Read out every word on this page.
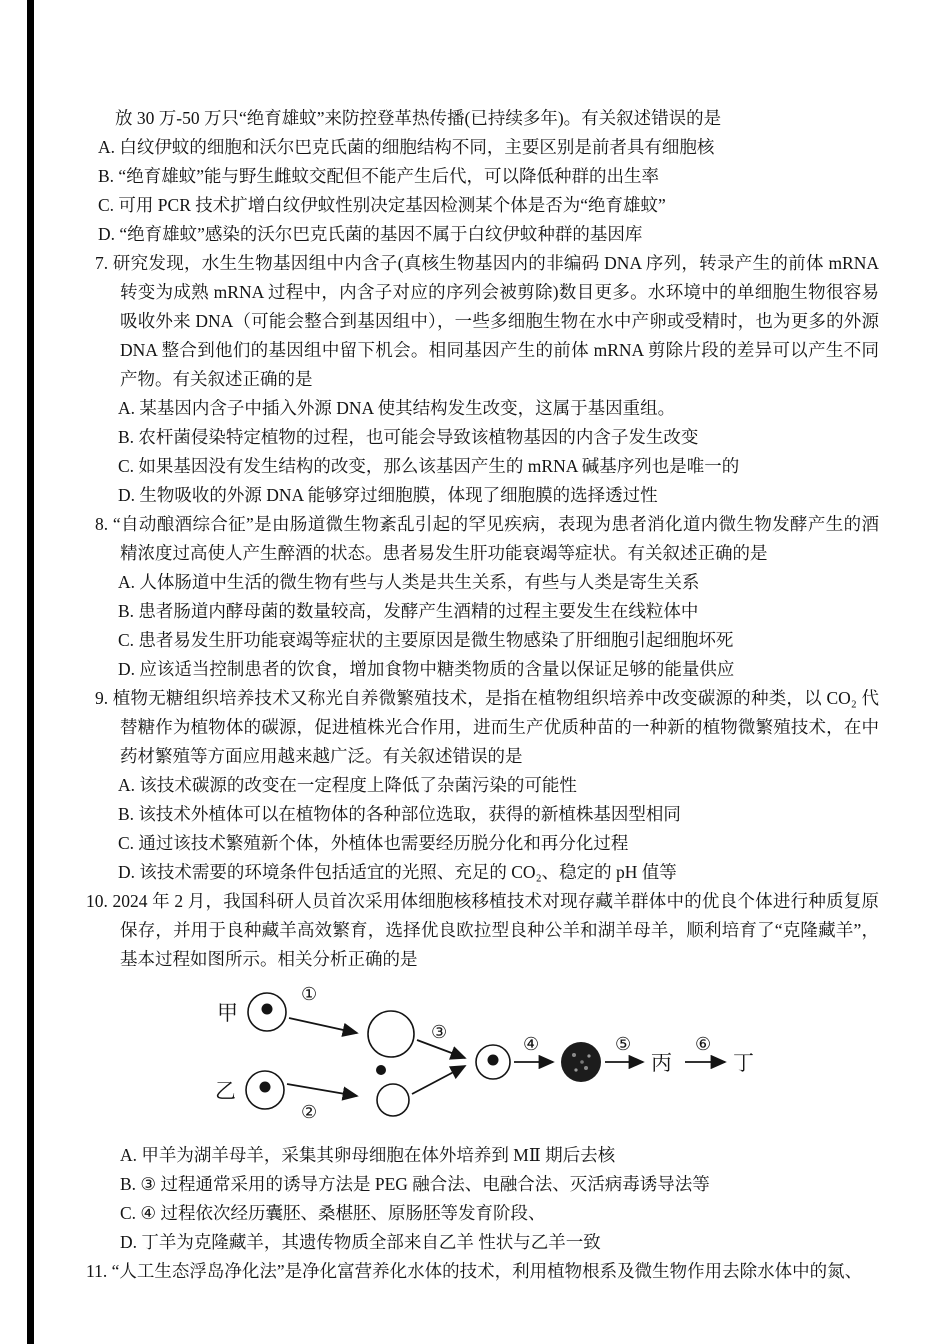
放 30 万-50 万只“绝育雄蚊”来防控登革热传播(已持续多年)。有关叙述错误的是

A. 白纹伊蚊的细胞和沃尔巴克氏菌的细胞结构不同，主要区别是前者具有细胞核

B. “绝育雄蚊”能与野生雌蚊交配但不能产生后代，可以降低种群的出生率

C. 可用 PCR 技术扩增白纹伊蚊性别决定基因检测某个体是否为“绝育雄蚊”

D. “绝育雄蚊”感染的沃尔巴克氏菌的基因不属于白纹伊蚊种群的基因库

7. 研究发现，水生生物基因组中内含子(真核生物基因内的非编码 DNA 序列，转录产生的前体 mRNA 转变为成熟 mRNA 过程中，内含子对应的序列会被剪除)数目更多。水环境中的单细胞生物很容易吸收外来 DNA（可能会整合到基因组中），一些多细胞生物在水中产卵或受精时，也为更多的外源 DNA 整合到他们的基因组中留下机会。相同基因产生的前体 mRNA 剪除片段的差异可以产生不同产物。有关叙述正确的是

A. 某基因内含子中插入外源 DNA 使其结构发生改变，这属于基因重组。

B. 农杆菌侵染特定植物的过程，也可能会导致该植物基因的内含子发生改变

C. 如果基因没有发生结构的改变，那么该基因产生的 mRNA 碱基序列也是唯一的

D. 生物吸收的外源 DNA 能够穿过细胞膜，体现了细胞膜的选择透过性

8. “自动酿酒综合征”是由肠道微生物紊乱引起的罕见疾病，表现为患者消化道内微生物发酵产生的酒精浓度过高使人产生醉酒的状态。患者易发生肝功能衰竭等症状。有关叙述正确的是

A. 人体肠道中生活的微生物有些与人类是共生关系，有些与人类是寄生关系

B. 患者肠道内酵母菌的数量较高，发酵产生酒精的过程主要发生在线粒体中

C. 患者易发生肝功能衰竭等症状的主要原因是微生物感染了肝细胞引起细胞坏死

D. 应该适当控制患者的饮食，增加食物中糖类物质的含量以保证足够的能量供应

9. 植物无糖组织培养技术又称光自养微繁殖技术，是指在植物组织培养中改变碳源的种类，以 CO₂ 代替糖作为植物体的碳源，促进植株光合作用，进而生产优质种苗的一种新的植物微繁殖技术，在中药材繁殖等方面应用越来越广泛。有关叙述错误的是

A. 该技术碳源的改变在一定程度上降低了杂菌污染的可能性

B. 该技术外植体可以在植物体的各种部位选取，获得的新植株基因型相同

C. 通过该技术繁殖新个体，外植体也需要经历脱分化和再分化过程

D. 该技术需要的环境条件包括适宜的光照、充足的 CO₂、稳定的 pH 值等

10. 2024 年 2 月，我国科研人员首次采用体细胞核移植技术对现存藏羊群体中的优良个体进行种质复原保存，并用于良种藏羊高效繁育，选择优良欧拉型良种公羊和湖羊母羊，顺利培育了“克隆藏羊”，基本过程如图所示。相关分析正确的是

甲
①
乙
②
③
④	⑤
丙
⑥
丁

A. 甲羊为湖羊母羊，采集其卵母细胞在体外培养到 MⅡ 期后去核

B. ③ 过程通常采用的诱导方法是 PEG 融合法、电融合法、灭活病毒诱导法等

C. ④ 过程依次经历囊胚、桑椹胚、原肠胚等发育阶段、

D. 丁羊为克隆藏羊，其遗传物质全部来自乙羊 性状与乙羊一致

11. “人工生态浮岛净化法”是净化富营养化水体的技术，利用植物根系及微生物作用去除水体中的氮、
